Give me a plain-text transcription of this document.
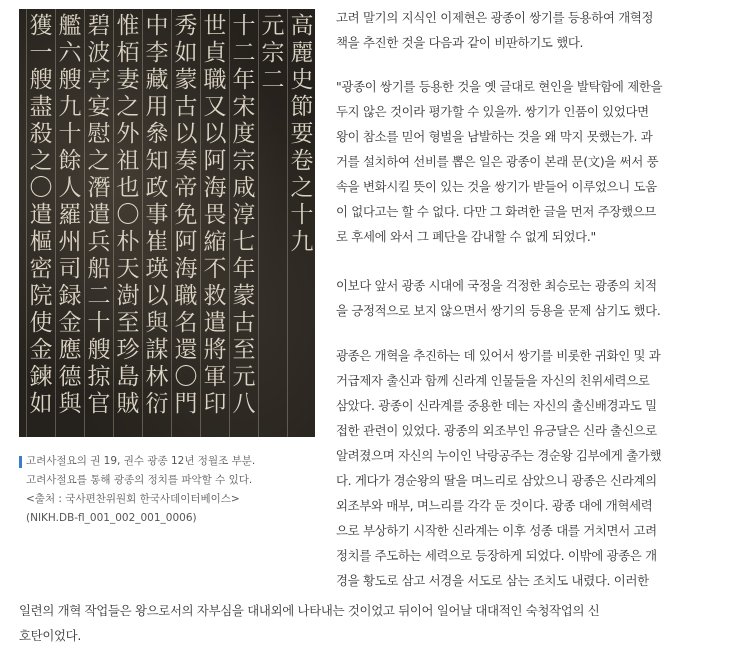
高
麗
史
節
要
卷
之
十
九
元
宗
二
十
二
年
宋
度
宗
咸
淳
七
年
蒙
古
至
元
八
世
貞
職
又
以
阿
海
畏
縮
不
救
遣
將
軍
印
秀
如
蒙
古
以
奏
帝
免
阿
海
職
名
還
〇
門
中
李
藏
用
叅
知
政
事
崔
瑛
以
與
謀
林
衍
惟
栢
妻
之
外
祖
也
〇
朴
天
澍
至
珍
島
賊
碧
波
亭
宴
慰
之
潛
遣
兵
船
二
十
艘
掠
官
艦
六
艘
九
十
餘
人
羅
州
司
録
金
應
德
與
獲
一
艘
盡
殺
之
〇
遣
樞
密
院
使
金
鍊
如

고려사절요의 권 19, 권수 광종 12년 정월조 부분.

고려사절요를 통해 광종의 정치를 파악할 수 있다.

<출처 : 국사편찬위원회 한국사데이터베이스>

(NIKH.DB-fl_001_002_001_0006)

고려 말기의 지식인 이제현은 광종이 쌍기를 등용하여 개혁정

책을 추진한 것을 다음과 같이 비판하기도 했다.

"광종이 쌍기를 등용한 것을 옛 글대로 현인을 발탁함에 제한을

두지 않은 것이라 평가할 수 있을까. 쌍기가 인품이 있었다면

왕이 참소를 믿어 형벌을 남발하는 것을 왜 막지 못했는가. 과

거를 설치하여 선비를 뽑은 일은 광종이 본래 문(文)을 써서 풍

속을 변화시킬 뜻이 있는 것을 쌍기가 받들어 이루었으니 도움

이 없다고는 할 수 없다. 다만 그 화려한 글을 먼저 주장했으므

로 후세에 와서 그 폐단을 감내할 수 없게 되었다."

이보다 앞서 광종 시대에 국정을 걱정한 최승로는 광종의 치적

을 긍정적으로 보지 않으면서 쌍기의 등용을 문제 삼기도 했다.

광종은 개혁을 추진하는 데 있어서 쌍기를 비롯한 귀화인 및 과

거급제자 출신과 함께 신라계 인물들을 자신의 친위세력으로

삼았다. 광종이 신라계를 중용한 데는 자신의 출신배경과도 밀

접한 관련이 있었다. 광종의 외조부인 유긍달은 신라 출신으로

알려졌으며 자신의 누이인 낙랑공주는 경순왕 김부에게 출가했

다. 게다가 경순왕의 딸을 며느리로 삼았으니 광종은 신라계의

외조부와 매부, 며느리를 각각 둔 것이다. 광종 대에 개혁세력

으로 부상하기 시작한 신라계는 이후 성종 대를 거치면서 고려

정치를 주도하는 세력으로 등장하게 되었다. 이밖에 광종은 개

경을 황도로 삼고 서경을 서도로 삼는 조치도 내렸다. 이러한

일련의 개혁 작업들은 왕으로서의 자부심을 대내외에 나타내는 것이었고 뒤이어 일어날 대대적인 숙청작업의 신

호탄이었다.
